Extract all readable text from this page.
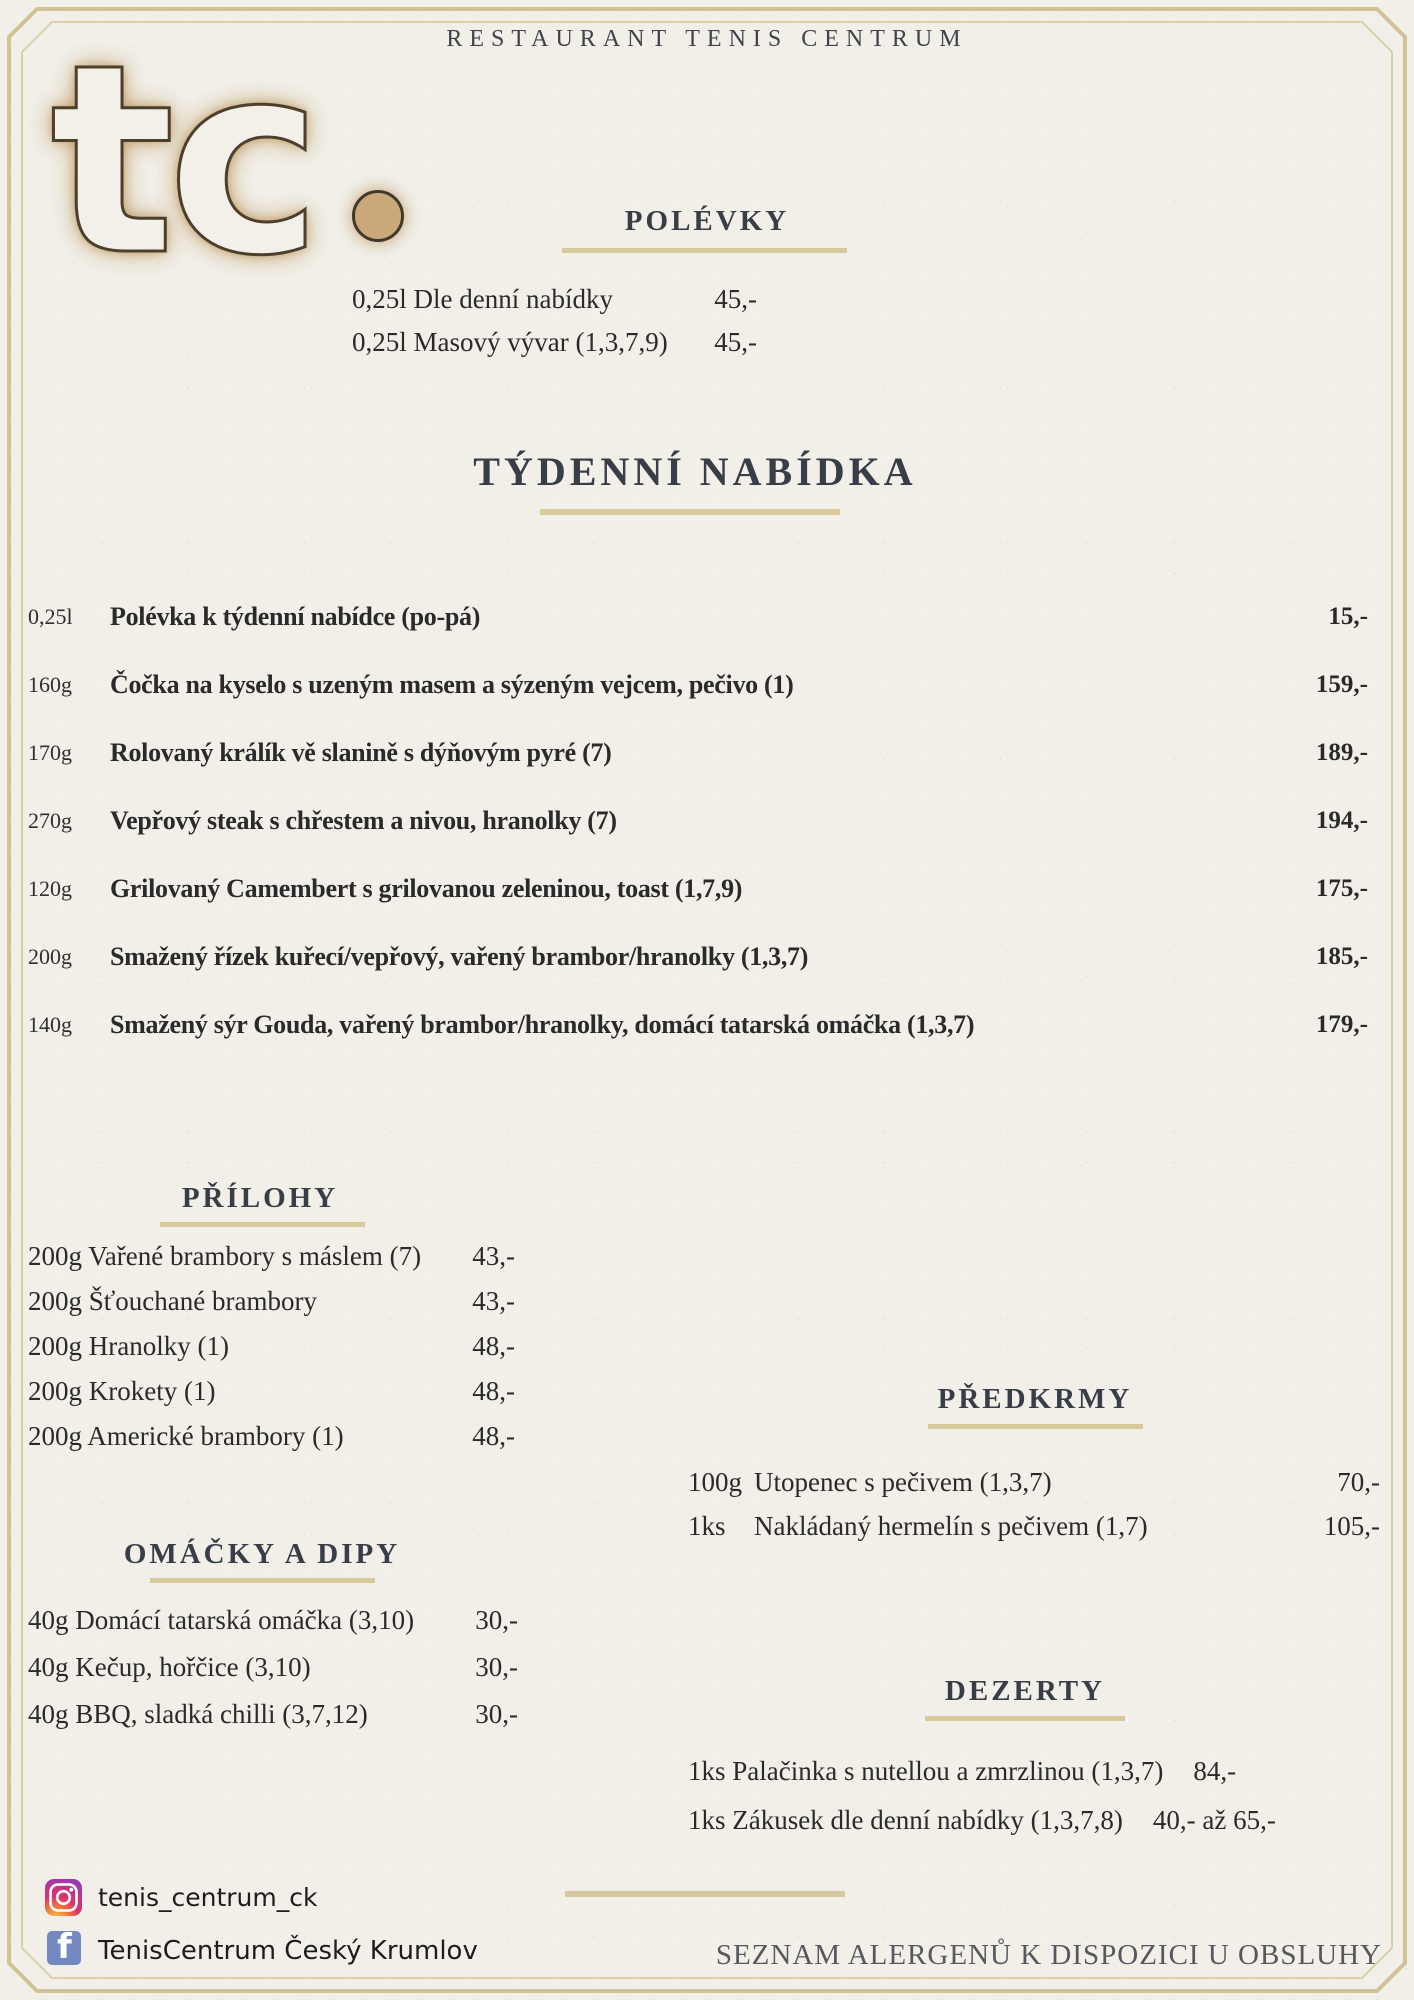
RESTAURANT TENIS CENTRUM
tc	POLÉVKY
0,25l Dle denní nabídky	45,-
0,25l Masový vývar (1,3,7,9) 45,-
TÝDENNÍ NABÍDKA
0,25l	Polévka k týdenní nabídce (po-pá)	15,-
160g	Čočka na kyselo s uzeným masem a sýzeným vejcem, pečivo (1)	159,-
170g	Rolovaný králík vě slanině s dýňovým pyré (7)	189,-
270g	Vepřový steak s chřestem a nivou, hranolky (7)	194,-
120g	Grilovaný Camembert s grilovanou zeleninou, toast (1,7,9)	175,-
200g	Smažený řízek kuřecí/vepřový, vařený brambor/hranolky (1,3,7)	185,-
140g	Smažený sýr Gouda, vařený brambor/hranolky, domácí tatarská omáčka (1,3,7)	179,-
PŘÍLOHY
200g Vařené brambory s máslem (7) 43,-
200g Šťouchané brambory	43,-
200g Hranolky (1)	48,-
200g Krokety (1)	48,-
200g Americké brambory (1)	48,-
PŘEDKRMY
100g Utopenec s pečivem (1,3,7)	70,-
1ks	Nakládaný hermelín s pečivem (1,7)	105,-
OMÁČKY A DIPY
40g Domácí tatarská omáčka (3,10) 30,-
40g Kečup, hořčice (3,10)	30,-
40g BBQ, sladká chilli (3,7,12)	30,-
DEZERTY
1ks Palačinka s nutellou a zmrzlinou (1,3,7) 84,-
1ks Zákusek dle denní nabídky (1,3,7,8) 40,- až 65,-
tenis_centrum_ck
f TenisCentrum Český Krumlov	SEZNAM ALERGENŮ K DISPOZICI U OBSLUHY
